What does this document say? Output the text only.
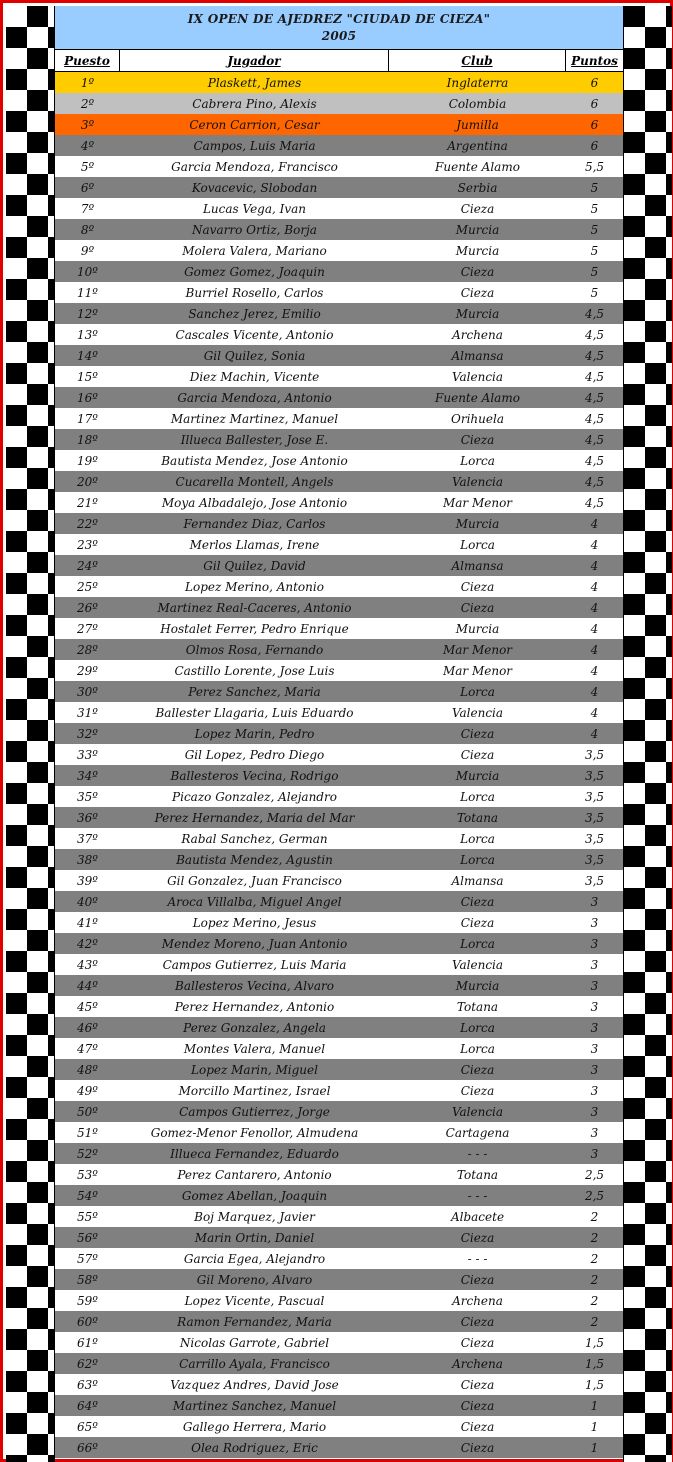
IX OPEN DE AJEDREZ "CIUDAD DE CIEZA"
2005
Puesto	Jugador	Club	Puntos
1º	Plaskett, James	Inglaterra	6
2º	Cabrera Pino, Alexis	Colombia	6
3º	Ceron Carrion, Cesar	Jumilla	6
4º	Campos, Luis Maria	Argentina	6
5º	Garcia Mendoza, Francisco	Fuente Alamo	5,5
6º	Kovacevic, Slobodan	Serbia	5
7º	Lucas Vega, Ivan	Cieza	5
8º	Navarro Ortiz, Borja	Murcia	5
9º	Molera Valera, Mariano	Murcia	5
10º	Gomez Gomez, Joaquin	Cieza	5
11º	Burriel Rosello, Carlos	Cieza	5
12º	Sanchez Jerez, Emilio	Murcia	4,5
13º	Cascales Vicente, Antonio	Archena	4,5
14º	Gil Quilez, Sonia	Almansa	4,5
15º	Diez Machin, Vicente	Valencia	4,5
16º	Garcia Mendoza, Antonio	Fuente Alamo	4,5
17º	Martinez Martinez, Manuel	Orihuela	4,5
18º	Illueca Ballester, Jose E.	Cieza	4,5
19º	Bautista Mendez, Jose Antonio	Lorca	4,5
20º	Cucarella Montell, Angels	Valencia	4,5
21º	Moya Albadalejo, Jose Antonio	Mar Menor	4,5
22º	Fernandez Diaz, Carlos	Murcia	4
23º	Merlos Llamas, Irene	Lorca	4
24º	Gil Quilez, David	Almansa	4
25º	Lopez Merino, Antonio	Cieza	4
26º	Martinez Real-Caceres, Antonio	Cieza	4
27º	Hostalet Ferrer, Pedro Enrique	Murcia	4
28º	Olmos Rosa, Fernando	Mar Menor	4
29º	Castillo Lorente, Jose Luis	Mar Menor	4
30º	Perez Sanchez, Maria	Lorca	4
31º	Ballester Llagaria, Luis Eduardo	Valencia	4
32º	Lopez Marin, Pedro	Cieza	4
33º	Gil Lopez, Pedro Diego	Cieza	3,5
34º	Ballesteros Vecina, Rodrigo	Murcia	3,5
35º	Picazo Gonzalez, Alejandro	Lorca	3,5
36º	Perez Hernandez, Maria del Mar	Totana	3,5
37º	Rabal Sanchez, German	Lorca	3,5
38º	Bautista Mendez, Agustin	Lorca	3,5
39º	Gil Gonzalez, Juan Francisco	Almansa	3,5
40º	Aroca Villalba, Miguel Angel	Cieza	3
41º	Lopez Merino, Jesus	Cieza	3
42º	Mendez Moreno, Juan Antonio	Lorca	3
43º	Campos Gutierrez, Luis Maria	Valencia	3
44º	Ballesteros Vecina, Alvaro	Murcia	3
45º	Perez Hernandez, Antonio	Totana	3
46º	Perez Gonzalez, Angela	Lorca	3
47º	Montes Valera, Manuel	Lorca	3
48º	Lopez Marin, Miguel	Cieza	3
49º	Morcillo Martinez, Israel	Cieza	3
50º	Campos Gutierrez, Jorge	Valencia	3
51º	Gomez-Menor Fenollor, Almudena	Cartagena	3
52º	Illueca Fernandez, Eduardo	- - -	3
53º	Perez Cantarero, Antonio	Totana	2,5
54º	Gomez Abellan, Joaquin	- - -	2,5
55º	Boj Marquez, Javier	Albacete	2
56º	Marin Ortin, Daniel	Cieza	2
57º	Garcia Egea, Alejandro	- - -	2
58º	Gil Moreno, Alvaro	Cieza	2
59º	Lopez Vicente, Pascual	Archena	2
60º	Ramon Fernandez, Maria	Cieza	2
61º	Nicolas Garrote, Gabriel	Cieza	1,5
62º	Carrillo Ayala, Francisco	Archena	1,5
63º	Vazquez Andres, David Jose	Cieza	1,5
64º	Martinez Sanchez, Manuel	Cieza	1
65º	Gallego Herrera, Mario	Cieza	1
66º	Olea Rodriguez, Eric	Cieza	1
